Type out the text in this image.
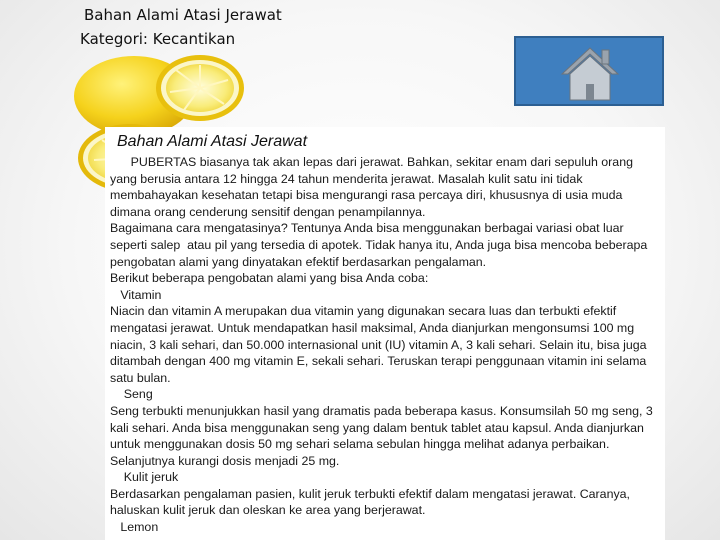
Bahan Alami Atasi Jerawat
Kategori: Kecantikan
Bahan Alami Atasi Jerawat

PUBERTAS biasanya tak akan lepas dari jerawat. Bahkan, sekitar enam dari sepuluh orang yang berusia antara 12 hingga 24 tahun menderita jerawat. Masalah kulit satu ini tidak membahayakan kesehatan tetapi bisa mengurangi rasa percaya diri, khususnya di usia muda dimana orang cenderung sensitif dengan penampilannya.

Bagaimana cara mengatasinya? Tentunya Anda bisa menggunakan berbagai variasi obat luar seperti salep  atau pil yang tersedia di apotek. Tidak hanya itu, Anda juga bisa mencoba beberapa pengobatan alami yang dinyatakan efektif berdasarkan pengalaman.

Berikut beberapa pengobatan alami yang bisa Anda coba:

Vitamin

Niacin dan vitamin A merupakan dua vitamin yang digunakan secara luas dan terbukti efektif mengatasi jerawat. Untuk mendapatkan hasil maksimal, Anda dianjurkan mengonsumsi 100 mg niacin, 3 kali sehari, dan 50.000 internasional unit (IU) vitamin A, 3 kali sehari. Selain itu, bisa juga ditambah dengan 400 mg vitamin E, sekali sehari. Teruskan terapi penggunaan vitamin ini selama satu bulan.

Seng

Seng terbukti menunjukkan hasil yang dramatis pada beberapa kasus. Konsumsilah 50 mg seng, 3 kali sehari. Anda bisa menggunakan seng yang dalam bentuk tablet atau kapsul. Anda dianjurkan untuk menggunakan dosis 50 mg sehari selama sebulan hingga melihat adanya perbaikan. Selanjutnya kurangi dosis menjadi 25 mg.

Kulit jeruk

Berdasarkan pengalaman pasien, kulit jeruk terbukti efektif dalam mengatasi jerawat. Caranya, haluskan kulit jeruk dan oleskan ke area yang berjerawat.

Lemon
